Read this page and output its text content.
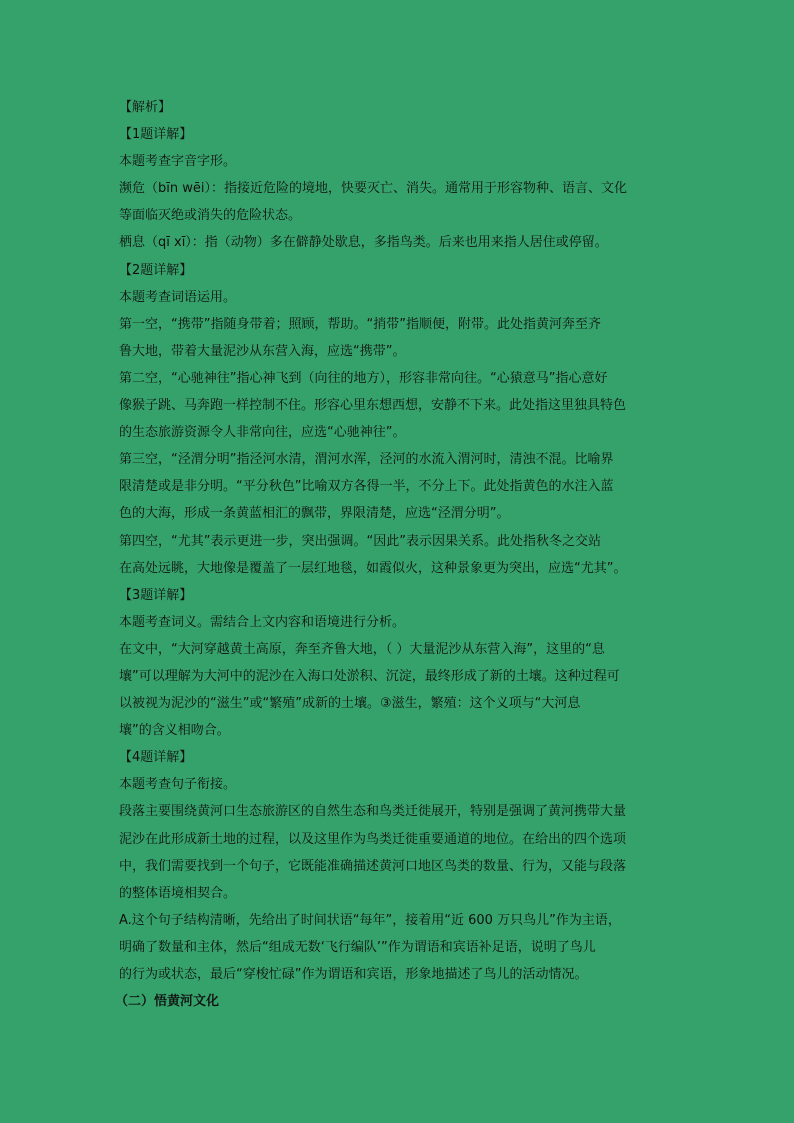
【解析】
【1题详解】
本题考查字音字形。
濒危（bīn wēi）：指接近危险的境地，快要灭亡、消失。通常用于形容物种、语言、文化
等面临灭绝或消失的危险状态。
栖息（qī xī）：指（动物）多在僻静处歇息，多指鸟类。后来也用来指人居住或停留。
【2题详解】
本题考查词语运用。
第一空，“携带”指随身带着；照顾，帮助。“捎带”指顺便，附带。此处指黄河奔至齐
鲁大地，带着大量泥沙从东营入海，应选“携带”。
第二空，“心驰神往”指心神飞到（向往的地方），形容非常向往。“心猿意马”指心意好
像猴子跳、马奔跑一样控制不住。形容心里东想西想，安静不下来。此处指这里独具特色
的生态旅游资源令人非常向往，应选“心驰神往”。
第三空，“泾渭分明”指泾河水清，渭河水浑，泾河的水流入渭河时，清浊不混。比喻界
限清楚或是非分明。“平分秋色”比喻双方各得一半，不分上下。此处指黄色的水注入蓝
色的大海，形成一条黄蓝相汇的飘带，界限清楚，应选“泾渭分明”。
第四空，“尤其”表示更进一步，突出强调。“因此”表示因果关系。此处指秋冬之交站
在高处远眺，大地像是覆盖了一层红地毯，如霞似火，这种景象更为突出，应选“尤其”。
【3题详解】
本题考查词义。需结合上文内容和语境进行分析。
在文中，“大河穿越黄土高原，奔至齐鲁大地，（ ）大量泥沙从东营入海”，这里的“息
壤”可以理解为大河中的泥沙在入海口处淤积、沉淀，最终形成了新的土壤。这种过程可
以被视为泥沙的“滋生”或“繁殖”成新的土壤。③滋生，繁殖：这个义项与“大河息
壤”的含义相吻合。
【4题详解】
本题考查句子衔接。
段落主要围绕黄河口生态旅游区的自然生态和鸟类迁徙展开，特别是强调了黄河携带大量
泥沙在此形成新土地的过程，以及这里作为鸟类迁徙重要通道的地位。在给出的四个选项
中，我们需要找到一个句子，它既能准确描述黄河口地区鸟类的数量、行为，又能与段落
的整体语境相契合。
A.这个句子结构清晰，先给出了时间状语“每年”，接着用“近 600 万只鸟儿”作为主语，
明确了数量和主体，然后“组成无数‘飞行编队’”作为谓语和宾语补足语，说明了鸟儿
的行为或状态，最后“穿梭忙碌”作为谓语和宾语，形象地描述了鸟儿的活动情况。
（二）悟黄河文化
